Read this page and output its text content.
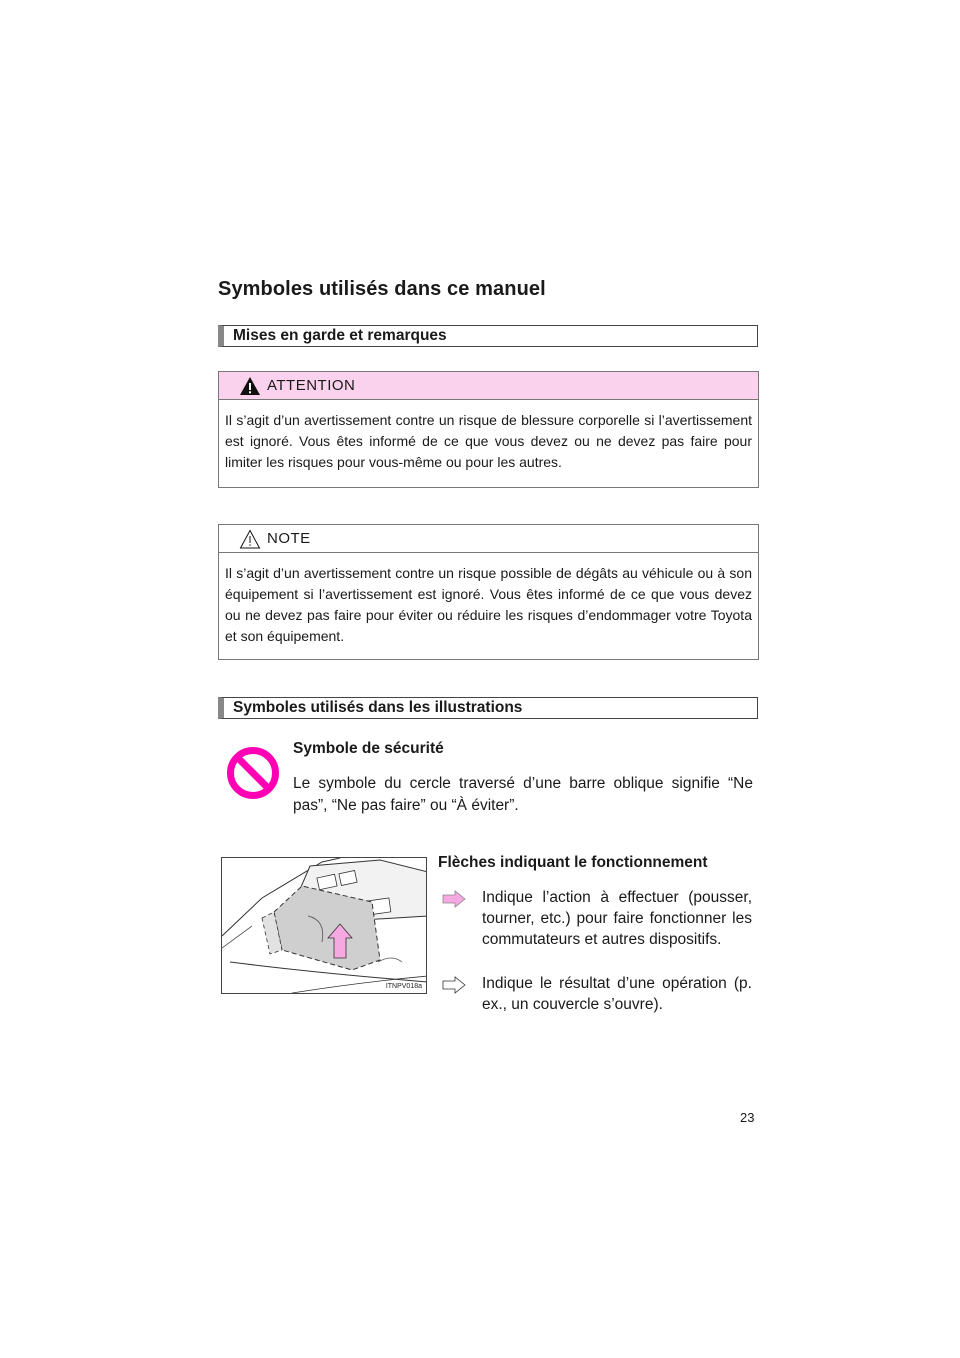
Symboles utilisés dans ce manuel
Mises en garde et remarques
ATTENTION
Il s’agit d’un avertissement contre un risque de blessure corporelle si l’avertissement est ignoré. Vous êtes informé de ce que vous devez ou ne devez pas faire pour limiter les risques pour vous-même ou pour les autres.
NOTE
Il s’agit d’un avertissement contre un risque possible de dégâts au véhicule ou à son équipement si l’avertissement est ignoré. Vous êtes informé de ce que vous devez ou ne devez pas faire pour éviter ou réduire les risques d’endommager votre Toyota et son équipement.
Symboles utilisés dans les illustrations

Symbole de sécurité

Le symbole du cercle traversé d’une barre oblique signifie “Ne pas”, “Ne pas faire” ou “À éviter”.

ITNPV018a

Flèches indiquant le fonctionnement

Indique l’action à effectuer (pousser, tourner, etc.) pour faire fonctionner les commutateurs et autres dispositifs.

Indique le résultat d’une opération (p. ex., un couvercle s’ouvre).

23
